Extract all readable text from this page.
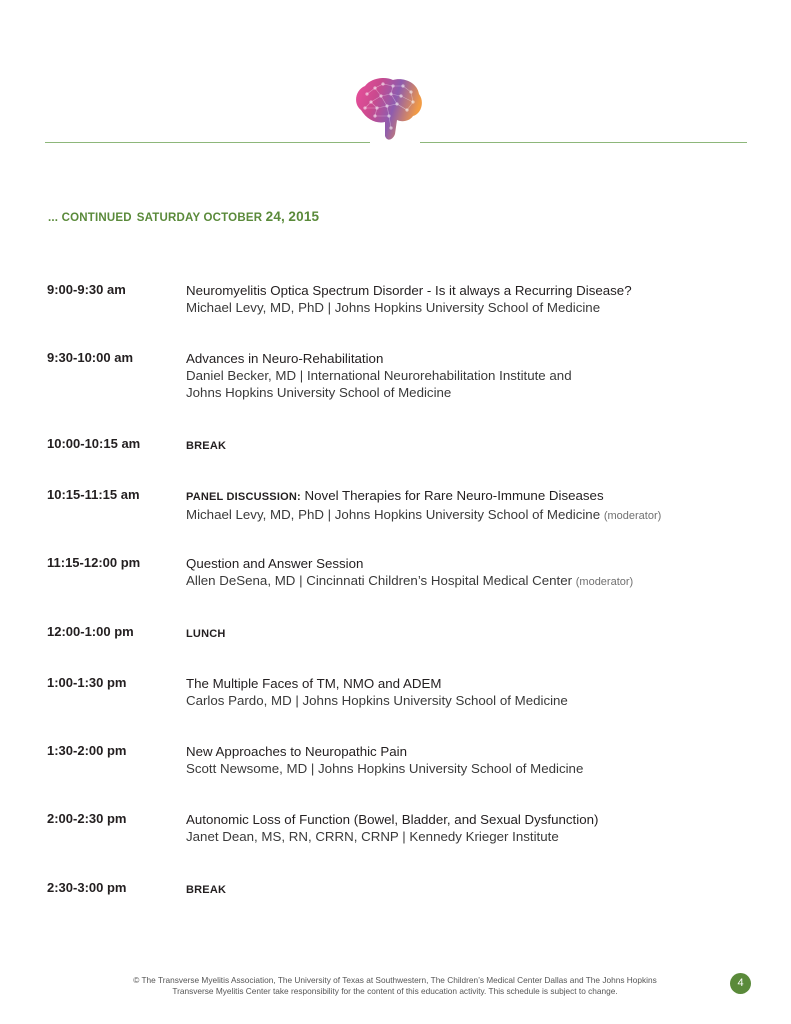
... CONTINUED SATURDAY OCTOBER 24, 2015
9:00-9:30 am	Neuromyelitis Optica Spectrum Disorder - Is it always a Recurring Disease?
Michael Levy, MD, PhD | Johns Hopkins University School of Medicine
9:30-10:00 am	Advances in Neuro-Rehabilitation
Daniel Becker, MD | International Neurorehabilitation Institute and
Johns Hopkins University School of Medicine
10:00-10:15 am	BREAK
10:15-11:15 am	PANEL DISCUSSION: Novel Therapies for Rare Neuro-Immune Diseases
Michael Levy, MD, PhD | Johns Hopkins University School of Medicine (moderator)
11:15-12:00 pm	Question and Answer Session
Allen DeSena, MD | Cincinnati Children’s Hospital Medical Center (moderator)
12:00-1:00 pm	LUNCH
1:00-1:30 pm	The Multiple Faces of TM, NMO and ADEM
Carlos Pardo, MD | Johns Hopkins University School of Medicine
1:30-2:00 pm	New Approaches to Neuropathic Pain
Scott Newsome, MD | Johns Hopkins University School of Medicine
2:00-2:30 pm	Autonomic Loss of Function (Bowel, Bladder, and Sexual Dysfunction)
Janet Dean, MS, RN, CRRN, CRNP | Kennedy Krieger Institute
2:30-3:00 pm	BREAK
© The Transverse Myelitis Association, The University of Texas at Southwestern, The Children’s Medical Center Dallas and The Johns Hopkins
Transverse Myelitis Center take responsibility for the content of this education activity. This schedule is subject to change.
4
